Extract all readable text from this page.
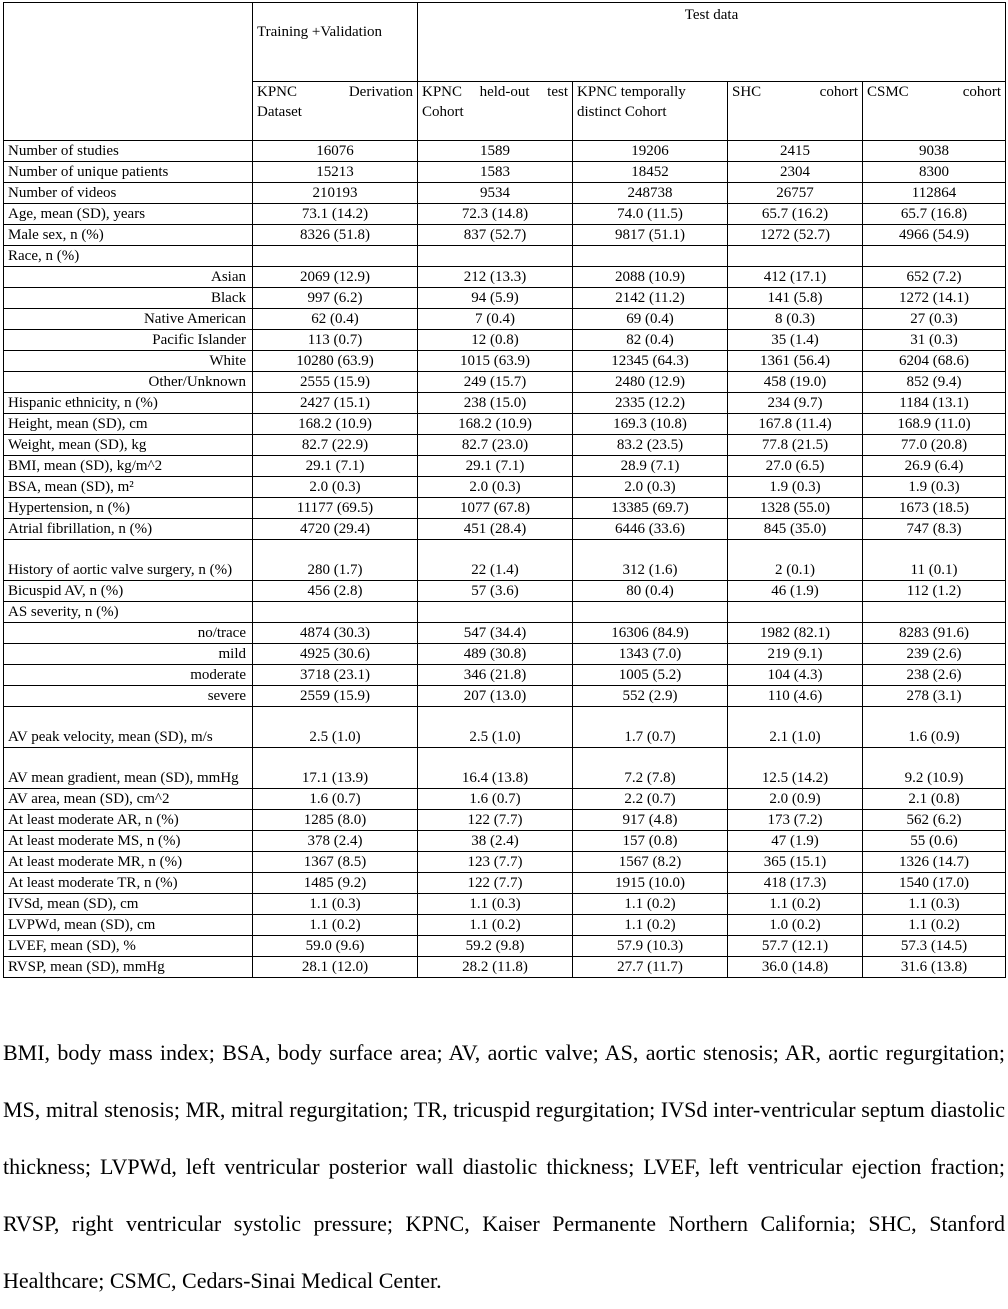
	Training +Validation	Test data			

	KPNC Derivation Dataset	KPNC held-out test Cohort	KPNC temporally distinct Cohort	SHC cohort	CSMC cohort

Number of studies	16076	1589	19206	2415	9038
Number of unique patients	15213	1583	18452	2304	8300
Number of videos	210193	9534	248738	26757	112864
Age, mean (SD), years	73.1 (14.2)	72.3 (14.8)	74.0 (11.5)	65.7 (16.2)	65.7 (16.8)
Male sex, n (%)	8326 (51.8)	837 (52.7)	9817 (51.1)	1272 (52.7)	4966 (54.9)
Race, n (%)					
Asian	2069 (12.9)	212 (13.3)	2088 (10.9)	412 (17.1)	652 (7.2)
Black	997 (6.2)	94 (5.9)	2142 (11.2)	141 (5.8)	1272 (14.1)
Native American	62 (0.4)	7 (0.4)	69 (0.4)	8 (0.3)	27 (0.3)
Pacific Islander	113 (0.7)	12 (0.8)	82 (0.4)	35 (1.4)	31 (0.3)
White	10280 (63.9)	1015 (63.9)	12345 (64.3)	1361 (56.4)	6204 (68.6)
Other/Unknown	2555 (15.9)	249 (15.7)	2480 (12.9)	458 (19.0)	852 (9.4)
Hispanic ethnicity, n (%)	2427 (15.1)	238 (15.0)	2335 (12.2)	234 (9.7)	1184 (13.1)
Height, mean (SD), cm	168.2 (10.9)	168.2 (10.9)	169.3 (10.8)	167.8 (11.4)	168.9 (11.0)
Weight, mean (SD), kg	82.7 (22.9)	82.7 (23.0)	83.2 (23.5)	77.8 (21.5)	77.0 (20.8)
BMI, mean (SD), kg/m^2	29.1 (7.1)	29.1 (7.1)	28.9 (7.1)	27.0 (6.5)	26.9 (6.4)
BSA, mean (SD), m²	2.0 (0.3)	2.0 (0.3)	2.0 (0.3)	1.9 (0.3)	1.9 (0.3)
Hypertension, n (%)	11177 (69.5)	1077 (67.8)	13385 (69.7)	1328 (55.0)	1673 (18.5)
Atrial fibrillation, n (%)	4720 (29.4)	451 (28.4)	6446 (33.6)	845 (35.0)	747 (8.3)
History of aortic valve surgery, n (%)	280 (1.7)	22 (1.4)	312 (1.6)	2 (0.1)	11 (0.1)
Bicuspid AV, n (%)	456 (2.8)	57 (3.6)	80 (0.4)	46 (1.9)	112 (1.2)
AS severity, n (%)					
no/trace	4874 (30.3)	547 (34.4)	16306 (84.9)	1982 (82.1)	8283 (91.6)
mild	4925 (30.6)	489 (30.8)	1343 (7.0)	219 (9.1)	239 (2.6)
moderate	3718 (23.1)	346 (21.8)	1005 (5.2)	104 (4.3)	238 (2.6)
severe	2559 (15.9)	207 (13.0)	552 (2.9)	110 (4.6)	278 (3.1)
AV peak velocity, mean (SD), m/s	2.5 (1.0)	2.5 (1.0)	1.7 (0.7)	2.1 (1.0)	1.6 (0.9)
AV mean gradient, mean (SD), mmHg	17.1 (13.9)	16.4 (13.8)	7.2 (7.8)	12.5 (14.2)	9.2 (10.9)
AV area, mean (SD), cm^2	1.6 (0.7)	1.6 (0.7)	2.2 (0.7)	2.0 (0.9)	2.1 (0.8)
At least moderate AR, n (%)	1285 (8.0)	122 (7.7)	917 (4.8)	173 (7.2)	562 (6.2)
At least moderate MS, n (%)	378 (2.4)	38 (2.4)	157 (0.8)	47 (1.9)	55 (0.6)
At least moderate MR, n (%)	1367 (8.5)	123 (7.7)	1567 (8.2)	365 (15.1)	1326 (14.7)
At least moderate TR, n (%)	1485 (9.2)	122 (7.7)	1915 (10.0)	418 (17.3)	1540 (17.0)
IVSd, mean (SD), cm	1.1 (0.3)	1.1 (0.3)	1.1 (0.2)	1.1 (0.2)	1.1 (0.3)
LVPWd, mean (SD), cm	1.1 (0.2)	1.1 (0.2)	1.1 (0.2)	1.0 (0.2)	1.1 (0.2)
LVEF, mean (SD), %	59.0 (9.6)	59.2 (9.8)	57.9 (10.3)	57.7 (12.1)	57.3 (14.5)
RVSP, mean (SD), mmHg	28.1 (12.0)	28.2 (11.8)	27.7 (11.7)	36.0 (14.8)	31.6 (13.8)
BMI, body mass index; BSA, body surface area; AV, aortic valve; AS, aortic stenosis; AR, aortic regurgitation; MS, mitral stenosis; MR, mitral regurgitation; TR, tricuspid regurgitation; IVSd inter-ventricular septum diastolic thickness; LVPWd, left ventricular posterior wall diastolic thickness; LVEF, left ventricular ejection fraction; RVSP, right ventricular systolic pressure; KPNC, Kaiser Permanente Northern California; SHC, Stanford Healthcare; CSMC, Cedars-Sinai Medical Center.
